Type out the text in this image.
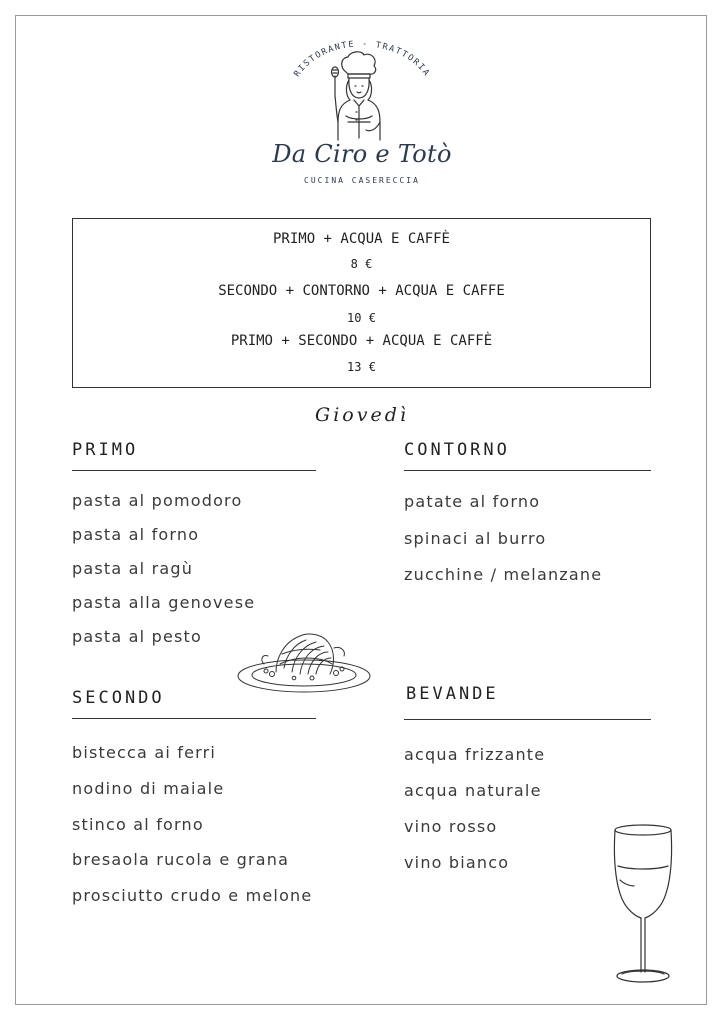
RISTORANTE - TRATTORIA
Da Ciro e Totò
CUCINA CASERECCIA
PRIMO + ACQUA E CAFFÈ
8 €
SECONDO + CONTORNO + ACQUA E CAFFE
10 €
PRIMO + SECONDO + ACQUA E CAFFÈ
13 €
Giovedì
PRIMO
pasta al pomodoro
pasta al forno
pasta al ragù
pasta alla genovese
pasta al pesto
CONTORNO
patate al forno
spinaci al burro
zucchine / melanzane
SECONDO
bistecca ai ferri
nodino di maiale
stinco al forno
bresaola rucola e grana
prosciutto crudo e melone
BEVANDE
acqua frizzante
acqua naturale
vino rosso
vino bianco
